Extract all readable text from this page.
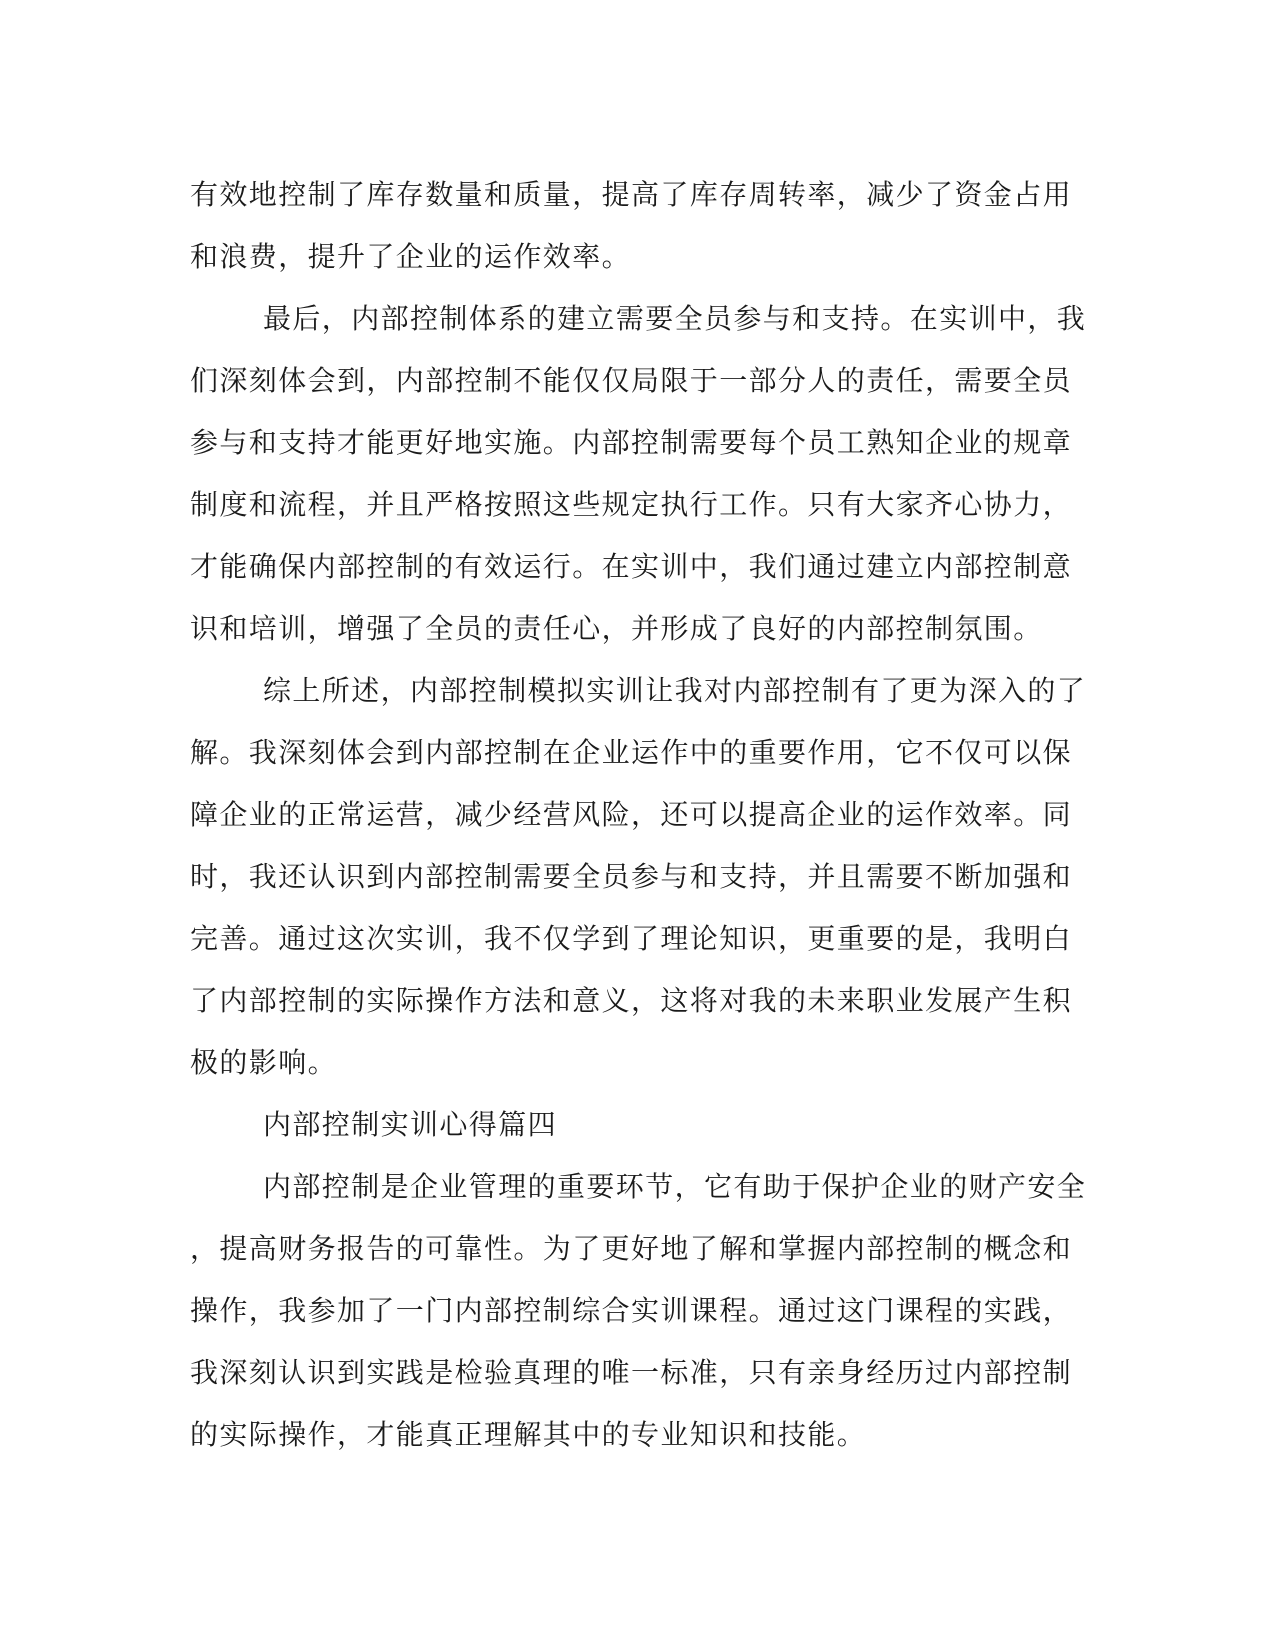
有效地控制了库存数量和质量，提高了库存周转率，减少了资金占用
和浪费，提升了企业的运作效率。
最后，内部控制体系的建立需要全员参与和支持。在实训中，我
们深刻体会到，内部控制不能仅仅局限于一部分人的责任，需要全员
参与和支持才能更好地实施。内部控制需要每个员工熟知企业的规章
制度和流程，并且严格按照这些规定执行工作。只有大家齐心协力，
才能确保内部控制的有效运行。在实训中，我们通过建立内部控制意
识和培训，增强了全员的责任心，并形成了良好的内部控制氛围。
综上所述，内部控制模拟实训让我对内部控制有了更为深入的了
解。我深刻体会到内部控制在企业运作中的重要作用，它不仅可以保
障企业的正常运营，减少经营风险，还可以提高企业的运作效率。同
时，我还认识到内部控制需要全员参与和支持，并且需要不断加强和
完善。通过这次实训，我不仅学到了理论知识，更重要的是，我明白
了内部控制的实际操作方法和意义，这将对我的未来职业发展产生积
极的影响。
内部控制实训心得篇四
内部控制是企业管理的重要环节，它有助于保护企业的财产安全
，提高财务报告的可靠性。为了更好地了解和掌握内部控制的概念和
操作，我参加了一门内部控制综合实训课程。通过这门课程的实践，
我深刻认识到实践是检验真理的唯一标准，只有亲身经历过内部控制
的实际操作，才能真正理解其中的专业知识和技能。
